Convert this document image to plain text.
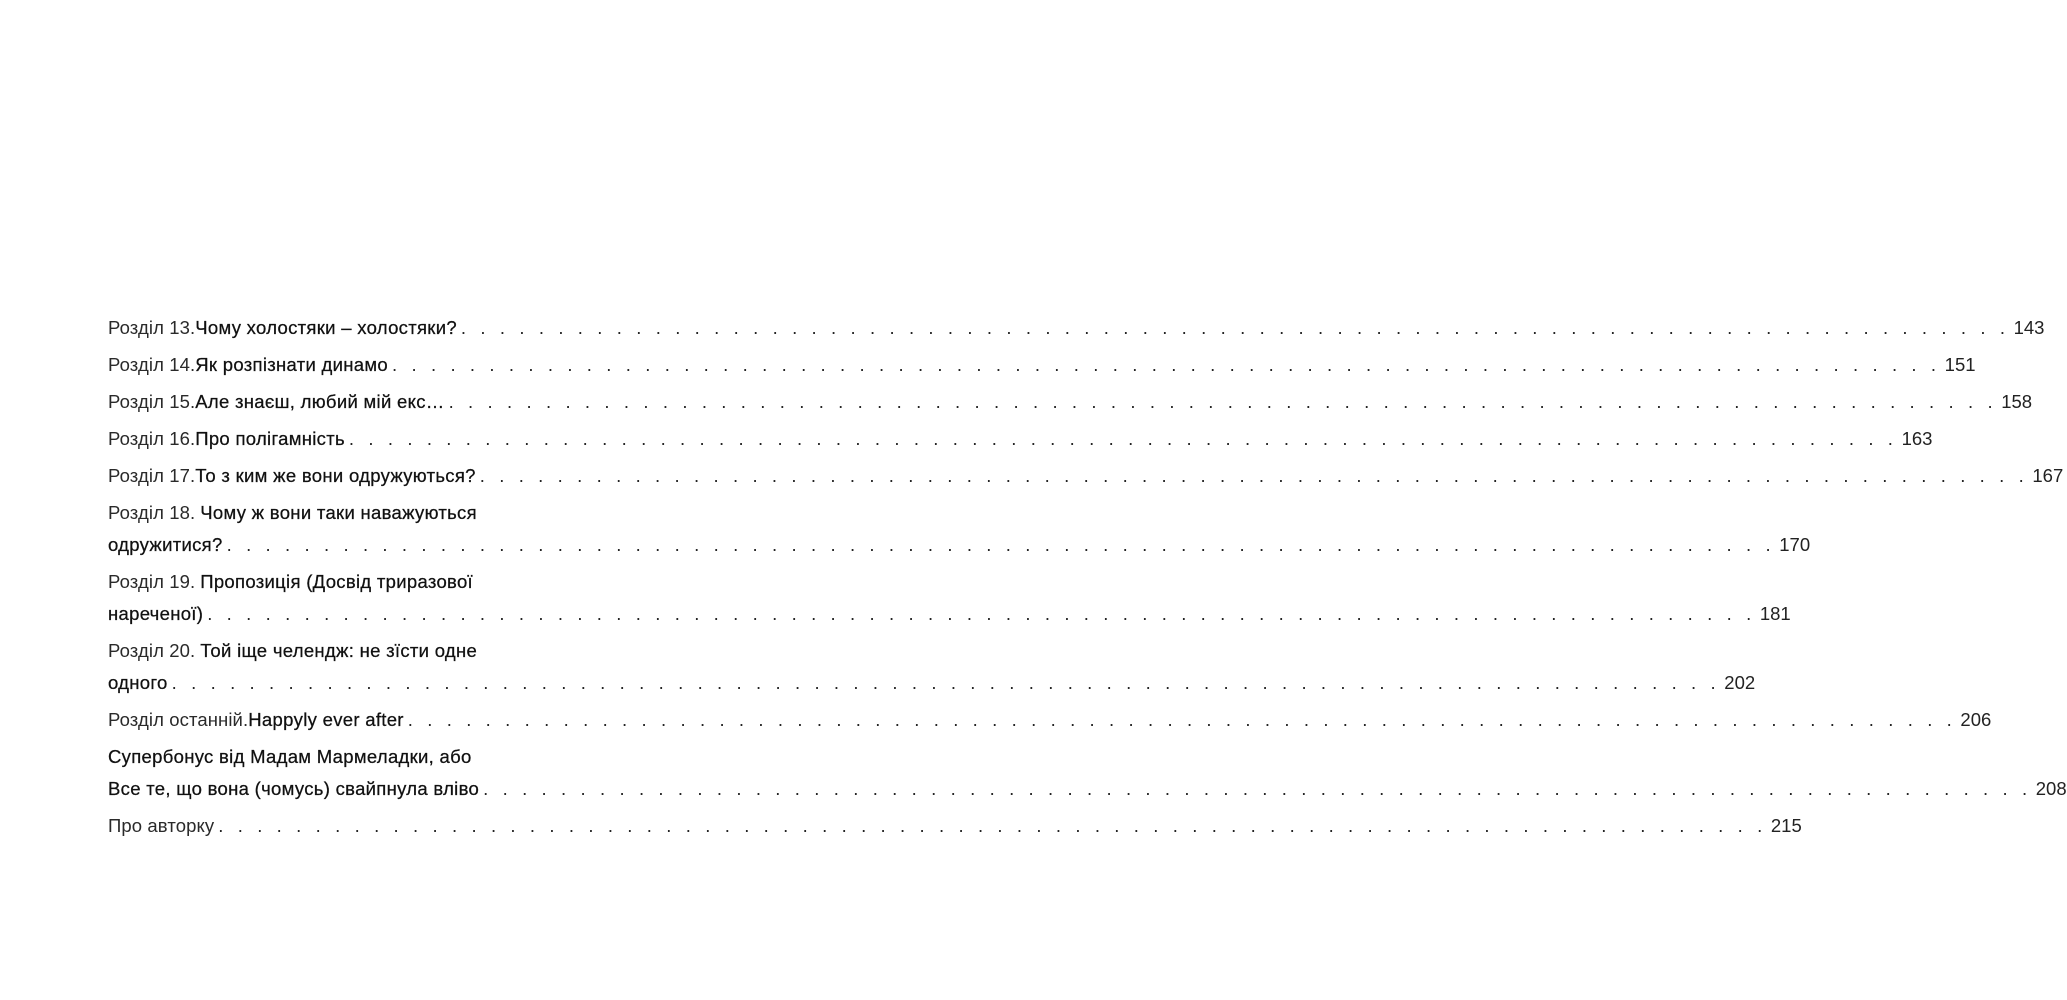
Розділ 13. Чому холостяки – холостяки? . . . . . . . . . . . . . . . . . . . . . . . . . . . . . . . . . . . . . . . . . . . . . . . . . . . . . . . . . . . . . . . . . . . . . . . . . . . . . . . . 143
Розділ 14. Як розпізнати динамо . . . . . . . . . . . . . . . . . . . . . . . . . . . . . . . . . . . . . . . . . . . . . . . . . . . . . . . . . . . . . . . . . . . . . . . . . . . . . . . . 151
Розділ 15. Але знаєш, любий мій екс… . . . . . . . . . . . . . . . . . . . . . . . . . . . . . . . . . . . . . . . . . . . . . . . . . . . . . . . . . . . . . . . . . . . . . . . . . . . . . . . . 158
Розділ 16. Про полігамність . . . . . . . . . . . . . . . . . . . . . . . . . . . . . . . . . . . . . . . . . . . . . . . . . . . . . . . . . . . . . . . . . . . . . . . . . . . . . . . . 163
Розділ 17. То з ким же вони одружуються? . . . . . . . . . . . . . . . . . . . . . . . . . . . . . . . . . . . . . . . . . . . . . . . . . . . . . . . . . . . . . . . . . . . . . . . . . . . . . . . . 167
Розділ 18. Чому ж вони таки наважуються
одружитися? . . . . . . . . . . . . . . . . . . . . . . . . . . . . . . . . . . . . . . . . . . . . . . . . . . . . . . . . . . . . . . . . . . . . . . . . . . . . . . . . 170
Розділ 19. Пропозиція (Досвід триразової
нареченої) . . . . . . . . . . . . . . . . . . . . . . . . . . . . . . . . . . . . . . . . . . . . . . . . . . . . . . . . . . . . . . . . . . . . . . . . . . . . . . . . 181
Розділ 20. Той іще челендж: не зїсти одне
одного . . . . . . . . . . . . . . . . . . . . . . . . . . . . . . . . . . . . . . . . . . . . . . . . . . . . . . . . . . . . . . . . . . . . . . . . . . . . . . . . 202
Розділ останній. Happyly ever after . . . . . . . . . . . . . . . . . . . . . . . . . . . . . . . . . . . . . . . . . . . . . . . . . . . . . . . . . . . . . . . . . . . . . . . . . . . . . . . . 206
Супербонус від Мадам Мармеладки, або
Все те, що вона (чомусь) свайпнула вліво . . . . . . . . . . . . . . . . . . . . . . . . . . . . . . . . . . . . . . . . . . . . . . . . . . . . . . . . . . . . . . . . . . . . . . . . . . . . . . . . 208
Про авторку . . . . . . . . . . . . . . . . . . . . . . . . . . . . . . . . . . . . . . . . . . . . . . . . . . . . . . . . . . . . . . . . . . . . . . . . . . . . . . . . 215
